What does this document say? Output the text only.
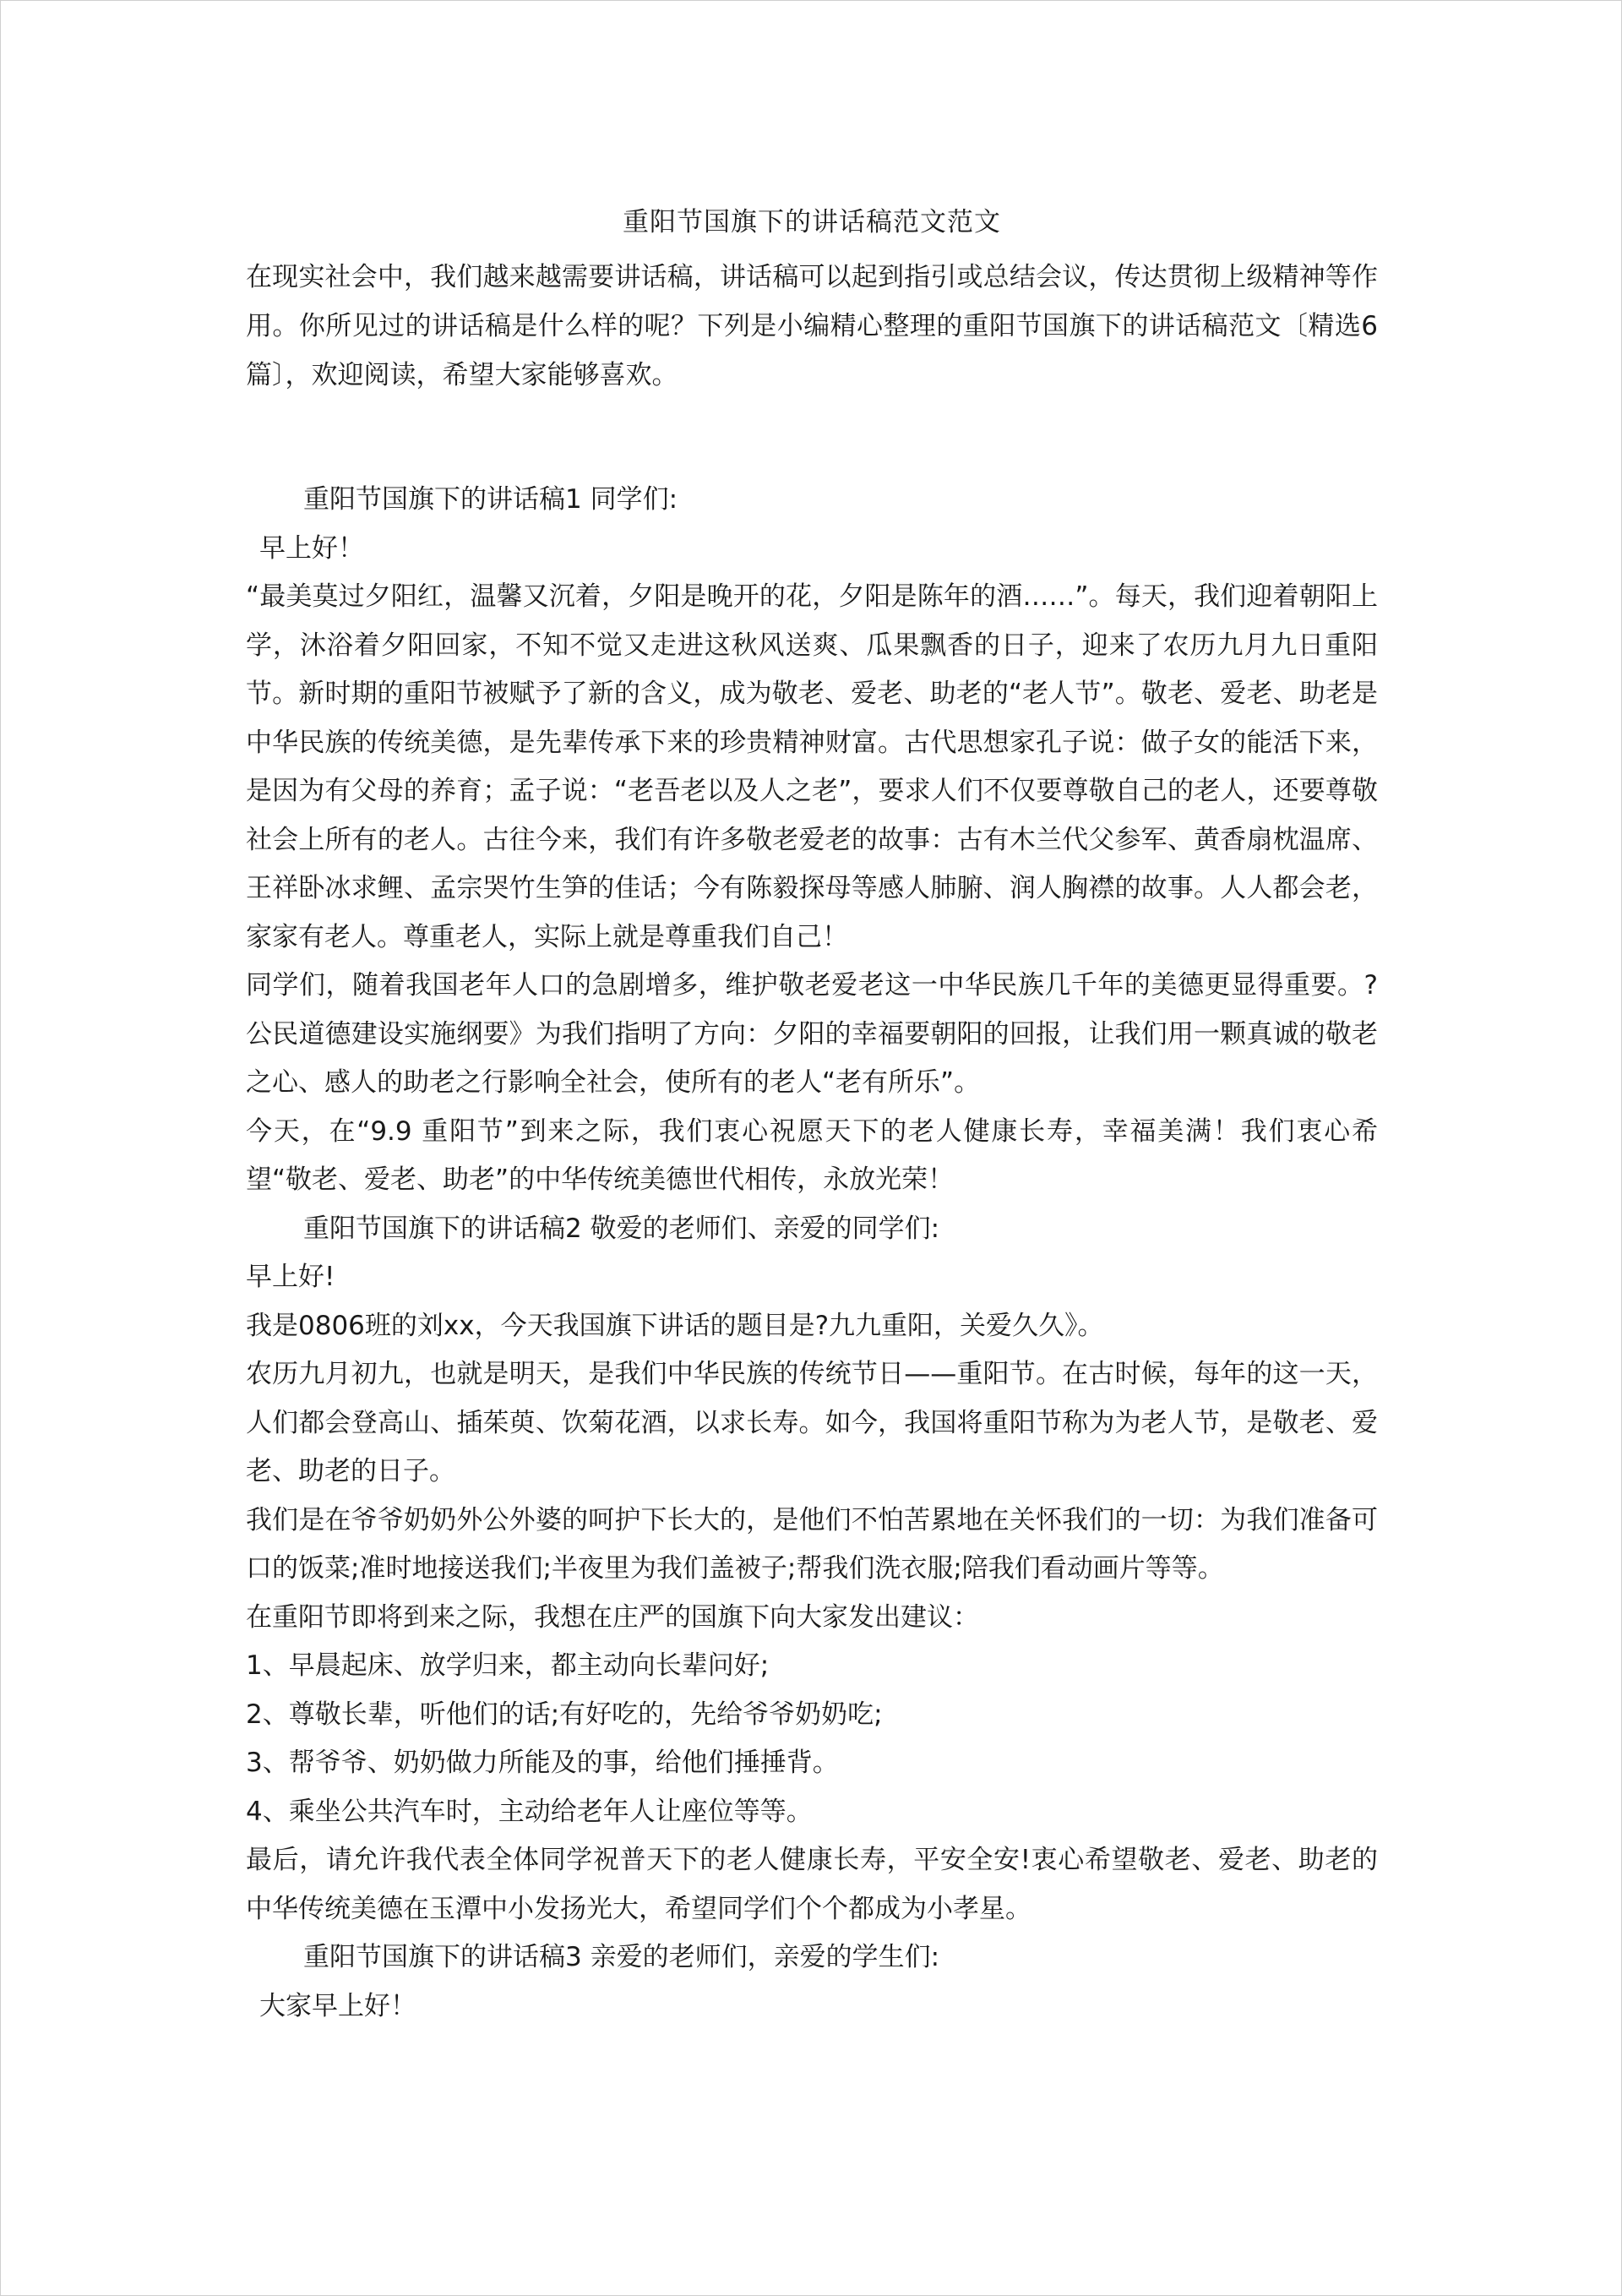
重阳节国旗下的讲话稿范文范文

在现实社会中，我们越来越需要讲话稿，讲话稿可以起到指引或总结会议，传达贯彻上级精神等作用。你所见过的讲话稿是什么样的呢？下列是小编精心整理的重阳节国旗下的讲话稿范文〔精选6篇〕，欢迎阅读，希望大家能够喜欢。

重阳节国旗下的讲话稿1 同学们:

早上好！

“最美莫过夕阳红，温馨又沉着，夕阳是晚开的花，夕阳是陈年的酒……”。每天，我们迎着朝阳上学，沐浴着夕阳回家，不知不觉又走进这秋风送爽、瓜果飘香的日子，迎来了农历九月九日重阳节。新时期的重阳节被赋予了新的含义，成为敬老、爱老、助老的“老人节”。敬老、爱老、助老是中华民族的传统美德，是先辈传承下来的珍贵精神财富。古代思想家孔子说：做子女的能活下来，是因为有父母的养育；孟子说：“老吾老以及人之老”，要求人们不仅要尊敬自己的老人，还要尊敬社会上所有的老人。古往今来，我们有许多敬老爱老的故事：古有木兰代父参军、黄香扇枕温席、王祥卧冰求鲤、孟宗哭竹生笋的佳话；今有陈毅探母等感人肺腑、润人胸襟的故事。人人都会老，家家有老人。尊重老人，实际上就是尊重我们自己！

同学们，随着我国老年人口的急剧增多，维护敬老爱老这一中华民族几千年的美德更显得重要。?公民道德建设实施纲要》为我们指明了方向：夕阳的幸福要朝阳的回报，让我们用一颗真诚的敬老之心、感人的助老之行影响全社会，使所有的老人“老有所乐”。

今天，在“9.9 重阳节”到来之际，我们衷心祝愿天下的老人健康长寿，幸福美满！我们衷心希望“敬老、爱老、助老”的中华传统美德世代相传，永放光荣！

重阳节国旗下的讲话稿2 敬爱的老师们、亲爱的同学们:

早上好!

我是0806班的刘xx，今天我国旗下讲话的题目是?九九重阳，关爱久久》。

农历九月初九，也就是明天，是我们中华民族的传统节日——重阳节。在古时候，每年的这一天，人们都会登高山、插茱萸、饮菊花酒，以求长寿。如今，我国将重阳节称为为老人节，是敬老、爱老、助老的日子。

我们是在爷爷奶奶外公外婆的呵护下长大的，是他们不怕苦累地在关怀我们的一切：为我们准备可口的饭菜;准时地接送我们;半夜里为我们盖被子;帮我们洗衣服;陪我们看动画片等等。

在重阳节即将到来之际，我想在庄严的国旗下向大家发出建议：

1、早晨起床、放学归来，都主动向长辈问好;

2、尊敬长辈，听他们的话;有好吃的，先给爷爷奶奶吃;

3、帮爷爷、奶奶做力所能及的事，给他们捶捶背。

4、乘坐公共汽车时，主动给老年人让座位等等。

最后，请允许我代表全体同学祝普天下的老人健康长寿，平安全安!衷心希望敬老、爱老、助老的中华传统美德在玉潭中小发扬光大，希望同学们个个都成为小孝星。

重阳节国旗下的讲话稿3 亲爱的老师们，亲爱的学生们:

大家早上好！
